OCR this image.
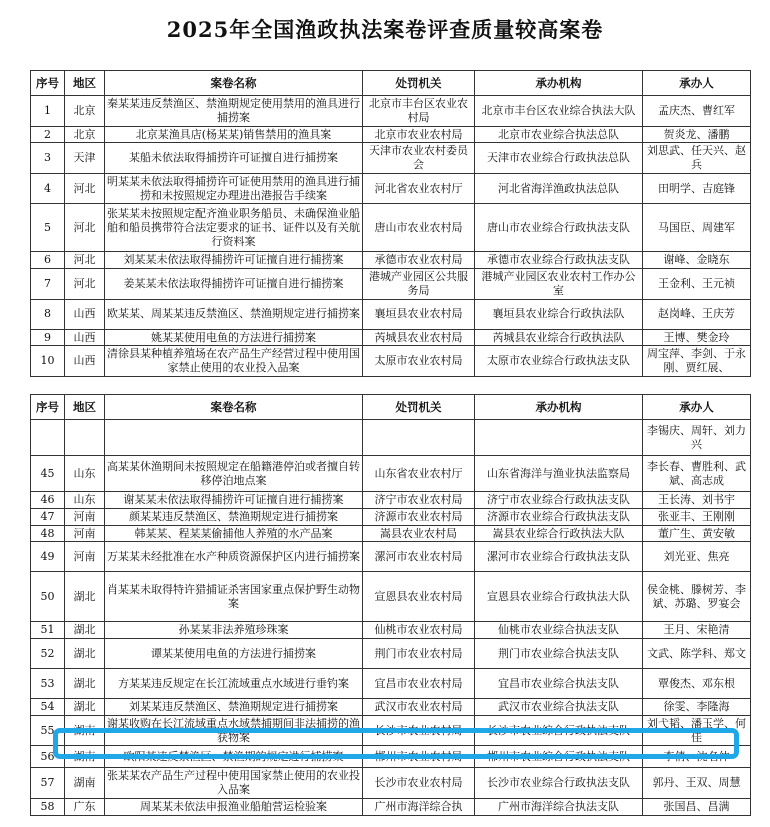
2025年全国渔政执法案卷评查质量较高案卷
序号	地区	案卷名称	处罚机关	承办机构	承办人
1	北京	秦某某违反禁渔区、禁渔期规定使用禁用的渔具进行捕捞案	北京市丰台区农业农村局	北京市丰台区农业综合执法大队	孟庆杰、曹红军
2	北京	北京某渔具店(杨某某)销售禁用的渔具案	北京市农业农村局	北京市农业综合执法总队	贺炎龙、潘鹏
3	天津	某船未依法取得捕捞许可证擅自进行捕捞案	天津市农业农村委员会	天津市农业综合行政执法总队	刘思武、任天兴、赵兵
4	河北	明某某未依法取得捕捞许可证使用禁用的渔具进行捕捞和未按照规定办理进出港报告手续案	河北省农业农村厅	河北省海洋渔政执法总队	田明学、吉庭锋
5	河北	张某某未按照规定配齐渔业职务船员、未确保渔业船舶和船员携带符合法定要求的证书、证件以及有关航行资料案	唐山市农业农村局	唐山市农业综合行政执法支队	马国臣、周建军
6	河北	刘某某未依法取得捕捞许可证擅自进行捕捞案	承德市农业农村局	承德市农业综合行政执法支队	谢峰、金晓东
7	河北	姜某某未依法取得捕捞许可证擅自进行捕捞案	港城产业园区公共服务局	港城产业园区农业农村工作办公室	王金利、王元祯
8	山西	欧某某、周某某违反禁渔区、禁渔期规定进行捕捞案	襄垣县农业农村局	襄垣县农业综合行政执法队	赵岗峰、王庆芳
9	山西	姚某某使用电鱼的方法进行捕捞案	芮城县农业农村局	芮城县农业综合行政执法队	王博、樊金玲
10	山西	清徐县某种植养殖场在农产品生产经营过程中使用国家禁止使用的农业投入品案	太原市农业农村局	太原市农业综合行政执法支队	周宝萍、李剑、于永刚、贾红展、
序号	地区	案卷名称	处罚机关	承办机构	承办人
					李锡庆、周轩、刘力兴
45	山东	高某某休渔期间未按照规定在船籍港停泊或者擅自转移停泊地点案	山东省农业农村厅	山东省海洋与渔业执法监察局	李长春、曹胜利、武斌、高志成
46	山东	谢某某未依法取得捕捞许可证擅自进行捕捞案	济宁市农业农村局	济宁市农业综合行政执法支队	王长涛、刘书宇
47	河南	颜某某违反禁渔区、禁渔期规定进行捕捞案	济源市农业农村局	济源市农业综合行政执法支队	张亚丰、王刚刚
48	河南	韩某某、程某某偷捕他人养殖的水产品案	嵩县农业农村局	嵩县农业综合行政执法大队	董广生、黄安敏
49	河南	万某某未经批准在水产种质资源保护区内进行捕捞案	漯河市农业农村局	漯河市农业综合行政执法支队	刘光亚、焦亮
50	湖北	肖某某未取得特许猎捕证杀害国家重点保护野生动物案	宣恩县农业农村局	宣恩县农业综合行政执法大队	侯金桃、滕树芳、李斌、苏璐、罗宴会
51	湖北	孙某某非法养殖珍珠案	仙桃市农业农村局	仙桃市农业综合执法支队	王月、宋艳清
52	湖北	谭某某使用电鱼的方法进行捕捞案	荆门市农业农村局	荆门市农业综合执法支队	文武、陈学科、郑文
53	湖北	方某某违反规定在长江流域重点水域进行垂钓案	宜昌市农业农村局	宜昌市农业综合执法支队	覃俊杰、邓东根
54	湖北	刘某某违反禁渔区、禁渔期规定进行捕捞案	武汉市农业农村局	武汉市农业综合执法支队	徐雯、李隆海
55	湖南	谢某收购在长江流域重点水域禁捕期间非法捕捞的渔获物案	长沙市农业农村局	长沙市农业综合行政执法支队	刘弋韬、潘玉学、何佳
56	湖南	欧阳某违反禁渔区、禁渔期的规定进行捕捞案	郴州市农业农村局	郴州市农业综合行政执法支队	李倩、沈名仲
57	湖南	张某某农产品生产过程中使用国家禁止使用的农业投入品案	长沙市农业农村局	长沙市农业综合行政执法支队	郭丹、王双、周慧
58	广东	周某某未依法申报渔业船舶营运检验案	广州市海洋综合执	广州市海洋综合执法支队	张国昌、昌满
